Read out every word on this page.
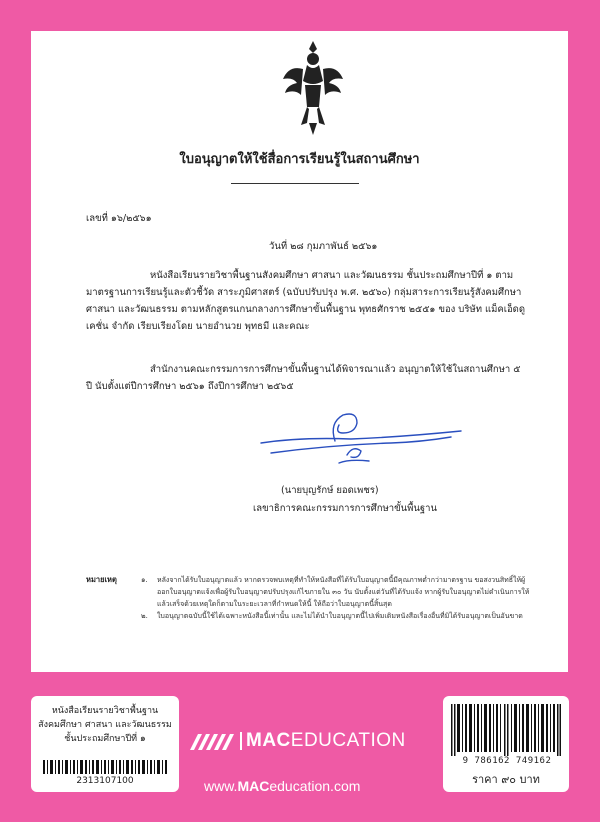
ใบอนุญาตให้ใช้สื่อการเรียนรู้ในสถานศึกษา
เลขที่ ๑๖/๒๕๖๑
วันที่ ๒๘ กุมภาพันธ์ ๒๕๖๑
หนังสือเรียนรายวิชาพื้นฐานสังคมศึกษา ศาสนา และวัฒนธรรม ชั้นประถมศึกษาปีที่ ๑ ตามมาตรฐานการเรียนรู้และตัวชี้วัด สาระภูมิศาสตร์ (ฉบับปรับปรุง พ.ศ. ๒๕๖๐) กลุ่มสาระการเรียนรู้สังคมศึกษา ศาสนา และวัฒนธรรม ตามหลักสูตรแกนกลางการศึกษาขั้นพื้นฐาน พุทธศักราช ๒๕๕๑ ของ บริษัท แม็คเอ็ดดูเคชั่น จำกัด เรียบเรียงโดย นายอำนวย พุทธมี และคณะ
สำนักงานคณะกรรมการการศึกษาขั้นพื้นฐานได้พิจารณาแล้ว อนุญาตให้ใช้ในสถานศึกษา ๕ ปี นับตั้งแต่ปีการศึกษา ๒๕๖๑ ถึงปีการศึกษา ๒๕๖๕
(นายบุญรักษ์ ยอดเพชร)
เลขาธิการคณะกรรมการการศึกษาขั้นพื้นฐาน
หมายเหตุ	๑.	หลังจากได้รับใบอนุญาตแล้ว หากตรวจพบเหตุที่ทำให้หนังสือที่ได้รับใบอนุญาตนี้มีคุณภาพต่ำกว่ามาตรฐาน ขอสงวนสิทธิ์ให้ผู้ออกใบอนุญาตแจ้งเพื่อผู้รับใบอนุญาตปรับปรุงแก้ไขภายใน ๓๐ วัน นับตั้งแต่วันที่ได้รับแจ้ง หากผู้รับใบอนุญาตไม่ดำเนินการให้แล้วเสร็จด้วยเหตุใดก็ตามในระยะเวลาที่กำหนดให้นี้ ให้ถือว่าใบอนุญาตนี้สิ้นสุด
๒.	ใบอนุญาตฉบับนี้ใช้ได้เฉพาะหนังสือนี้เท่านั้น และไม่ได้นำใบอนุญาตนี้ไปเพิ่มเติมหนังสือเรื่องอื่นที่มิได้รับอนุญาตเป็นอันขาด
หนังสือเรียนรายวิชาพื้นฐาน
สังคมศึกษา ศาสนา และวัฒนธรรม
ชั้นประถมศึกษาปีที่ ๑
2313107100
MACEDUCATION
www.MACeducation.com
9 786162 749162
ราคา ๙๐ บาท
